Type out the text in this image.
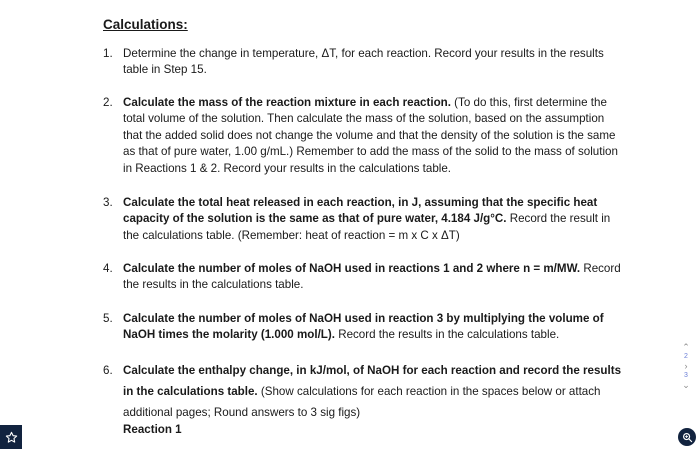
Calculations:
1. Determine the change in temperature, ΔT, for each reaction. Record your results in the results table in Step 15.
2. Calculate the mass of the reaction mixture in each reaction. (To do this, first determine the total volume of the solution. Then calculate the mass of the solution, based on the assumption that the added solid does not change the volume and that the density of the solution is the same as that of pure water, 1.00 g/mL.) Remember to add the mass of the solid to the mass of solution in Reactions 1 & 2. Record your results in the calculations table.
3. Calculate the total heat released in each reaction, in J, assuming that the specific heat capacity of the solution is the same as that of pure water, 4.184 J/g°C. Record the result in the calculations table. (Remember: heat of reaction = m x C x ΔT)
4. Calculate the number of moles of NaOH used in reactions 1 and 2 where n = m/MW. Record the results in the calculations table.
5. Calculate the number of moles of NaOH used in reaction 3 by multiplying the volume of NaOH times the molarity (1.000 mol/L). Record the results in the calculations table.
6. Calculate the enthalpy change, in kJ/mol, of NaOH for each reaction and record the results in the calculations table. (Show calculations for each reaction in the spaces below or attach additional pages; Round answers to 3 sig figs)
Reaction 1
⌃
2
›
3
⌄
